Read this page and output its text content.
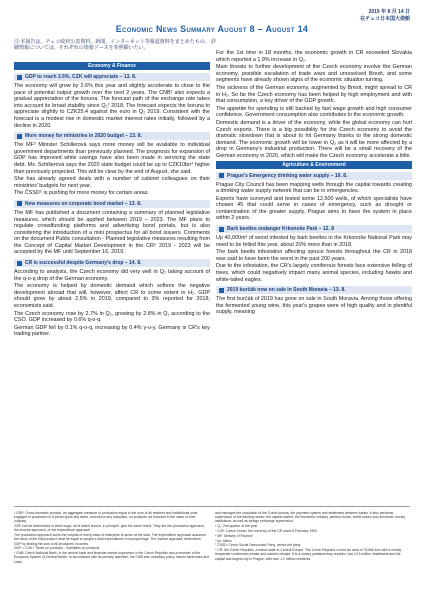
2019 年 8 月 14 日
在チェコ日本国大使館
Economic News Summary August 8 – August 14
注:本報告は、チェコ政府公表資料、新聞、インターネット等報道資料をまとめたもの。 詳細情報については、それぞれの情報ソースを参照願いたい。
Economy & Finance
GDP to reach 2.6%, CZK will appreciate – 13. 8.

The economy will grow by 2.6% this year and slightly accelerate to close to the pace of potential output growth over the next 2 years. The CNB¹ also expects a gradual appreciation of the koruna. The forecast path of the exchange rate takes into account its broad stability since Q₂² 2018. The forecast expects the koruna to appreciate slightly to CZK25.4 against the euro in Q₂ 2019. Consistent with the forecast is a modest rise in domestic market interest rates initially, followed by a decline in 2020.

More money for ministries in 2020 budget – 13. 8.

The MF³ Minister Schillerová says more money will be available to individual government departments than previously planned. The prognosis for expansion of GDP has improved while savings have also been made in servicing the state debt. Ms. Schillerová says the 2020 state budget could be up to CZK10bn⁴ higher than previously projected. This will be clear by the end of August, she said.

She has already agreed deals with a number of cabinet colleagues on their ministries' budgets for next year.

The ČSSD⁵ is pushing for more money for certain areas.

New measures on corporate bond market – 13. 8.

The MF has published a document containing a summary of planned legislative measures, which should be applied between 2019 – 2023. The MF plans to regulate crowdfunding platforms and advertising bond portals, but is also considering the introduction of a mini prospectus for all bond issuers. Comments on the document Public consultation - Planned legislative measures resulting from the Concept of Capital Market Development in the CR⁶ 2019 - 2023 will be accepted by the MF until September 16, 2019.

CR is successful despite Germany's drop – 14. 8.

According to analysts, the Czech economy did very well in Q₂ taking account of the q-o-q drop of the German economy.

The economy is helped by domestic demand which softens the negative development abroad that will, however, affect CR to some extent in H₂. GDP should grow by about 2.5% in 2019, compared to 3% reported for 2018, economists said.

The Czech economy rose by 2.7% in Q₂, growing by 2.8% in Q₁ according to the CSO. GDP increased by 0.6% q-o-q.

German GDP fell by 0.1% q-o-q, increasing by 0.4% y-o-y. Germany is CR's key trading partner.

For the 1st time in 18 months, the economic growth in CR exceeded Slovakia which reported a 1.9% increase in Q₂.

Main threats to further development of the Czech economy involve the German economy, possible escalation of trade wars and unresolved Brexit, and some segments have already shown signs of the economic situation turning.

The sickness of the German economy, augmented by Brexit, might spread to CR in H₂. So far the Czech economy has been helped by high employment and with that consumption, a key driver of the GDP growth.

The appetite for spending is still backed by fast wage growth and high consumer confidence. Government consumption also contributes to the economic growth.

Domestic demand is a driver of the economy, while the global economy can hurt Czech exports. There is a big possibility for the Czech economy to avoid the dramatic slowdown that is about to hit Germany thanks to the strong domestic demand. The economic growth will be lower in Q₃ as it will be more affected by a drop in Germany's industrial production. There will be a small recovery of the German economy in 2020, which will make the Czech economy accelerate a little.

Agriculture & Environment
Prague's Emergency drinking water supply – 10. 8.

Prague City Council has been mapping wells through the capital towards creating a drinking water supply network that can be in emergencies.

Experts have surveyed and tested some 12,500 wells, of which specialists have chosen 45 that could serve in cases of emergency, such as drought or contamination of the greater supply. Prague aims to have the system in place within 2 years.

Bark beetles endanger Krkonoše Park – 12. 8

Up 40,000m³ of wood infested by bark beetles in the Krkonoše National Park may need to be felled this year, about 20% more than in 2018.

The bark beetle infestation affecting spruce forests throughout the CR in 2018 was said to have been the worst in the past 200 years.

Due to the infestation, the CR's largely coniferous forests face extensive felling of trees, which could negatively impact many animal species, including hawks and white-tailed eagles.

2019 burčák now on sale in South Moravia – 13. 8.

The first burčák of 2019 has gone on sale in South Moravia. Among those offering the fermented young wine, this year's grapes were of high quality and in plentiful supply, meaning

¹ GDP: Gross domestic product, an aggregate measure of production equal to the sum of all resident and institutional units engaged in production in a period (plus any taxes, and minus any subsidies, on products not included in the value of their outputs).
GDP can be determined in three ways, all of which should, in principle, give the same result. They are the production approach, the income approach, or the expenditure approach.
The production approach sums the outputs of every class of enterprise to arrive at the total. The expenditure approach assumes the value of the total product must be equal to people's total expenditures in buying things. The income approach determines GDP by finding the sum of all producers' incomes.
GDP = CVA + Taxes on products - Subsidies on products
² CNB: Czech National Bank, is the central bank and financial market supervisor in the Czech Republic and a member of the European System of Central Banks. In accordance with its primary objective, the CNB sets monetary policy, issues banknotes and coins
and manages the circulation of the Czech koruna, the payment system and settlement between banks. It also performs supervision of the banking sector, the capital market, the insurance industry, pension funds, credit unions and electronic money institutions, as well as foreign exchange supervision.
³ Q₂: 2nd quarter of the year
⁴ CZK: Czech Crown, the currency of the CR since 8 February 1993
⁵ MF: Ministry of Finance
⁶ bn: billion
⁷ ČSSD: Czech Social Democratic Party, centre-left party
⁸ CR: the Czech Republic, a nation state in Central Europe. The Czech Republic covers an area of 78,866 km² with a mostly temperate continental climate and oceanic climate. It is a unitary parliamentary republic, has 10.5 million inhabitants and the capital and largest city is Prague, with over 1.2 million residents.
